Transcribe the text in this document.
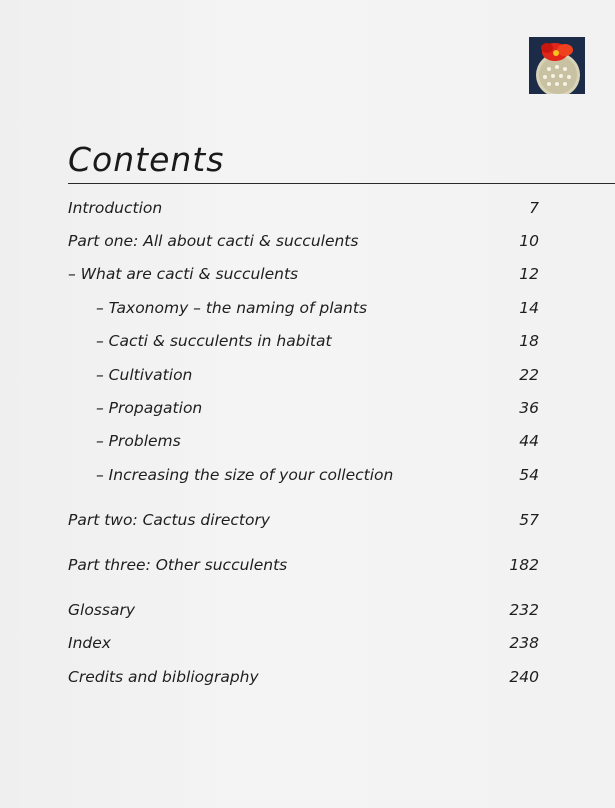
Contents
Introduction	7
Part one: All about cacti & succulents	10
– What are cacti & succulents	12
– Taxonomy – the naming of plants	14
– Cacti & succulents in habitat	18
– Cultivation	22
– Propagation	36
– Problems	44
– Increasing the size of your collection	54
Part two: Cactus directory	57
Part three: Other succulents	182
Glossary	232
Index	238
Credits and bibliography	240
